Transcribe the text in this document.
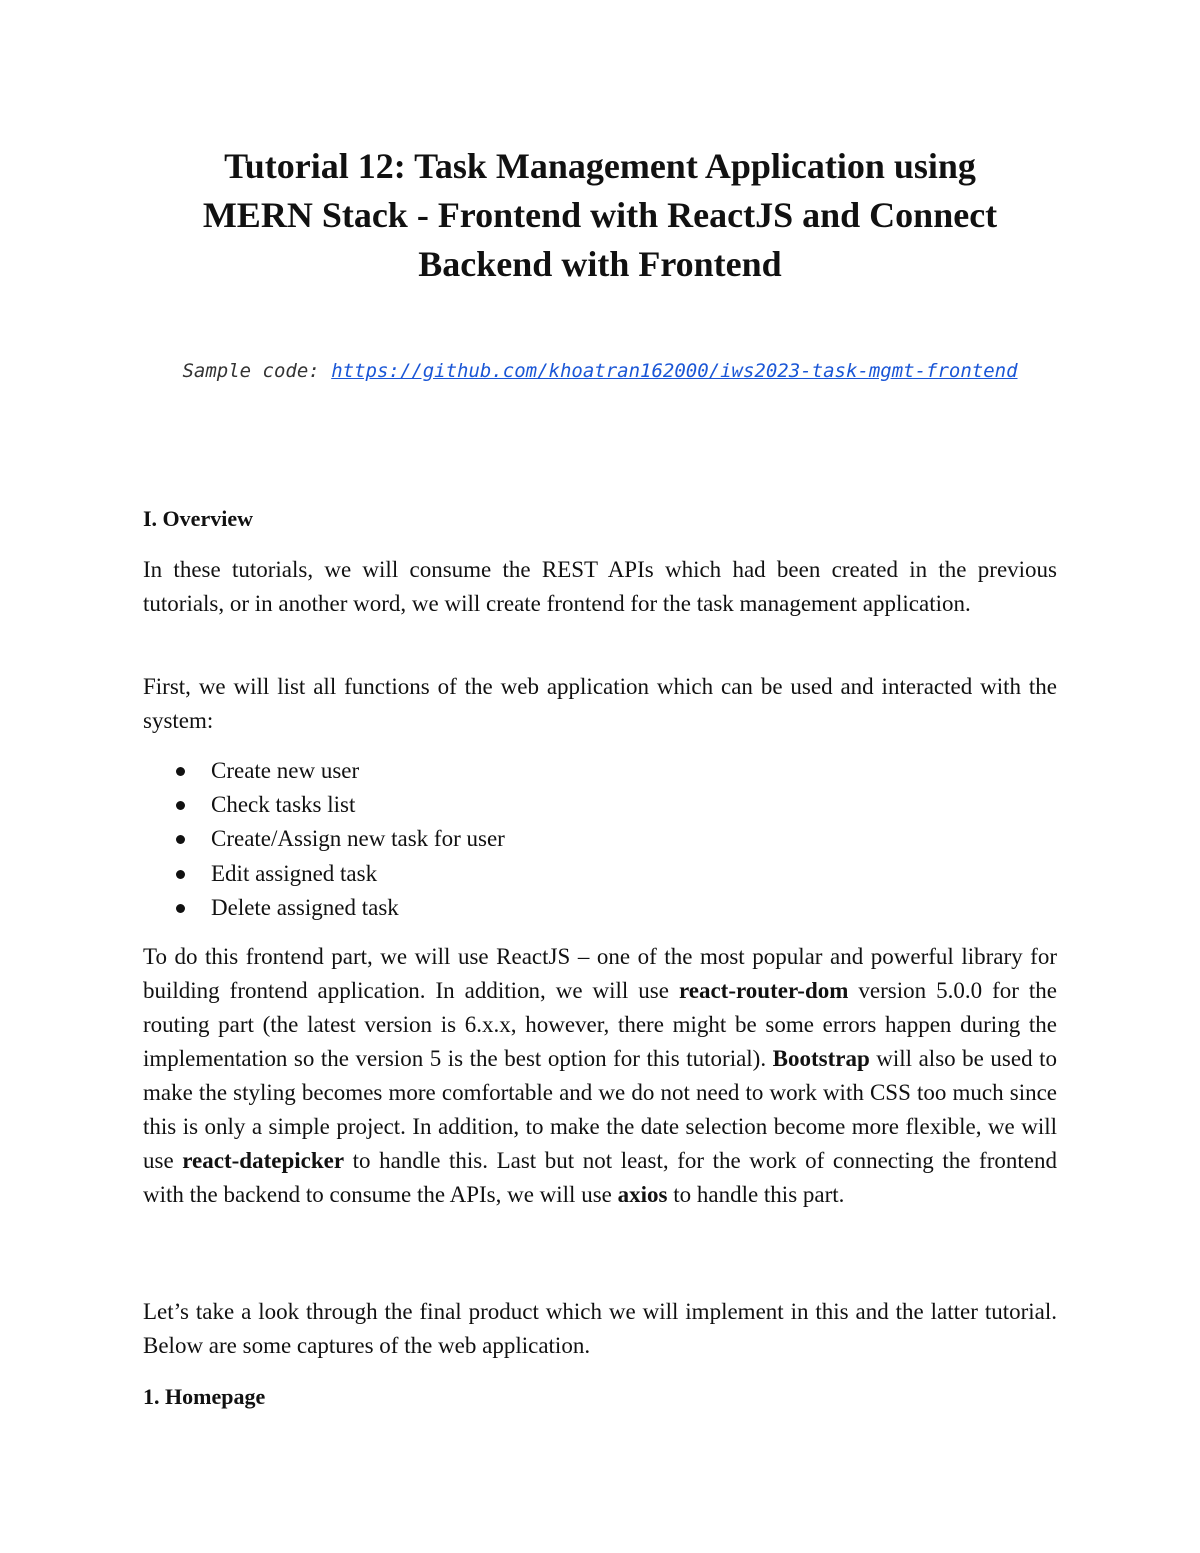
Tutorial 12: Task Management Application using
MERN Stack - Frontend with ReactJS and Connect
Backend with Frontend
Sample code: https://github.com/khoatran162000/iws2023-task-mgmt-frontend
I. Overview

In these tutorials, we will consume the REST APIs which had been created in the previous tutorials, or in another word, we will create frontend for the task management application.

First, we will list all functions of the web application which can be used and interacted with the system:

Create new user
Check tasks list
Create/Assign new task for user
Edit assigned task
Delete assigned task

To do this frontend part, we will use ReactJS – one of the most popular and powerful library for building frontend application. In addition, we will use react-router-dom version 5.0.0 for the routing part (the latest version is 6.x.x, however, there might be some errors happen during the implementation so the version 5 is the best option for this tutorial). Bootstrap will also be used to make the styling becomes more comfortable and we do not need to work with CSS too much since this is only a simple project. In addition, to make the date selection become more flexible, we will use react-datepicker to handle this. Last but not least, for the work of connecting the frontend with the backend to consume the APIs, we will use axios to handle this part.

Let’s take a look through the final product which we will implement in this and the latter tutorial. Below are some captures of the web application.

1. Homepage
